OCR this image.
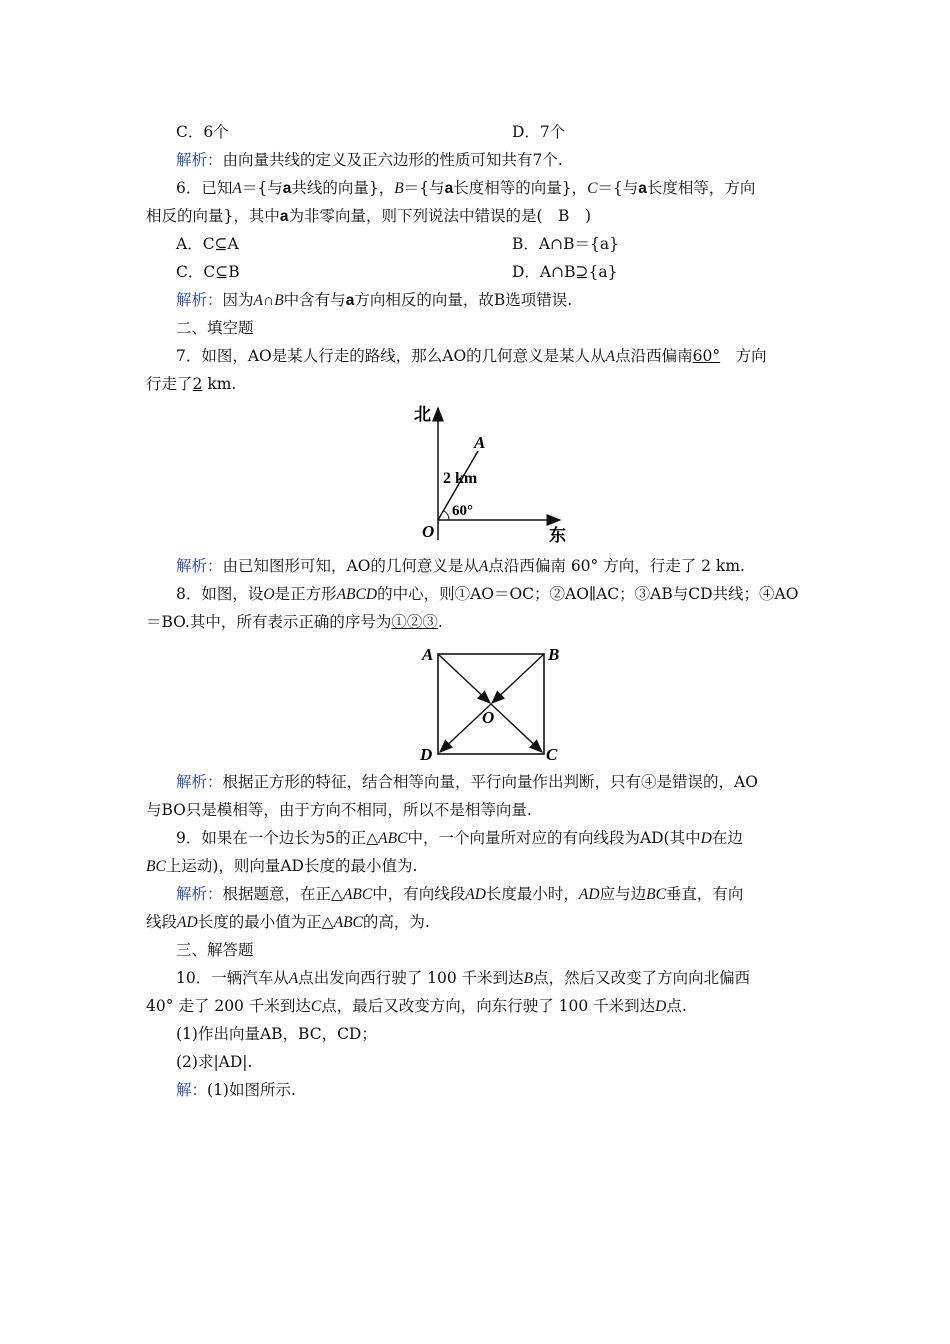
C．6个	D．7个
解析：由向量共线的定义及正六边形的性质可知共有7个.
6．已知A＝{与a共线的向量}，B＝{与a长度相等的向量}，C＝{与a长度相等，方向
相反的向量}，其中a为非零向量，则下列说法中错误的是(　B　)
A．C⊆A	B．A∩B＝{a}
C．C⊆B	D．A∩B⊇{a}
解析：因为A∩B中含有与a方向相反的向量，故B选项错误.
二、填空题
7．如图，AO是某人行走的路线，那么AO的几何意义是某人从A点沿西偏南60°　 方向
行走了2 km.
北
东
A
O
2 km
60°
解析：由已知图形可知，AO的几何意义是从A点沿西偏南 60° 方向，行走了 2 km.
8．如图，设O是正方形ABCD的中心，则①AO＝OC；②AO∥AC；③AB与CD共线；④AO
＝BO.其中，所有表示正确的序号为①②③.
A	B
C
D
O
解析：根据正方形的特征，结合相等向量，平行向量作出判断，只有④是错误的，AO
与BO只是模相等，由于方向不相同，所以不是相等向量.
9．如果在一个边长为5的正△ABC中，一个向量所对应的有向线段为AD(其中D在边
BC上运动)，则向量AD长度的最小值为.
解析：根据题意，在正△ABC中，有向线段AD长度最小时，AD应与边BC垂直，有向
线段AD长度的最小值为正△ABC的高，为.
三、解答题
10．一辆汽车从A点出发向西行驶了 100 千米到达B点，然后又改变了方向向北偏西
40° 走了 200 千米到达C点，最后又改变方向，向东行驶了 100 千米到达D点.
(1)作出向量AB，BC，CD；
(2)求|AD|.
解：(1)如图所示.
